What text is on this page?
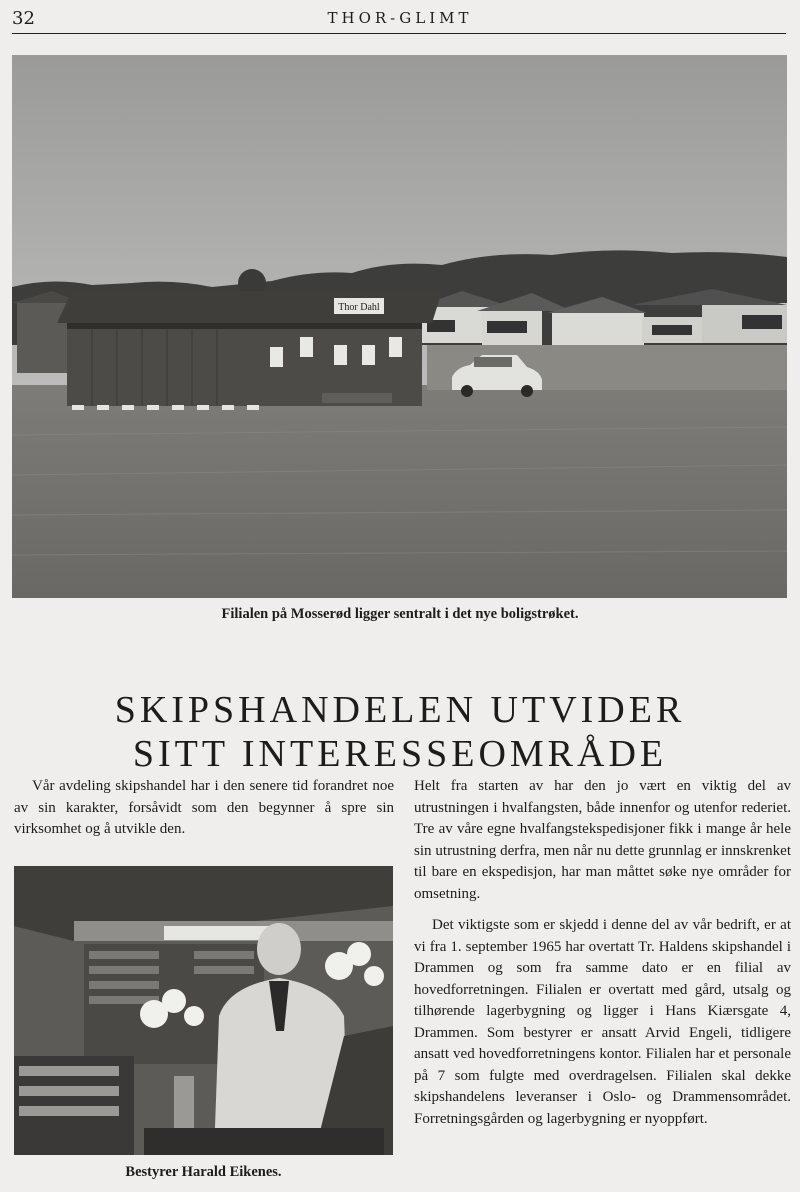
32	THOR-GLIMT
Thor Dahl
Filialen på Mosserød ligger sentralt i det nye boligstrøket.
SKIPSHANDELEN UTVIDER
SITT INTERESSEOMRÅDE

Vår avdeling skipshandel har i den senere tid forandret noe av sin karakter, forsåvidt som den begynner å spre sin virksomhet og å utvikle den.

Bestyrer Harald Eikenes.

Helt fra starten av har den jo vært en viktig del av utrustningen i hvalfangsten, både innenfor og utenfor rederiet. Tre av våre egne hvalfangstekspedisjoner fikk i mange år hele sin utrustning derfra, men når nu dette grunnlag er innskrenket til bare en ekspedisjon, har man måttet søke nye områder for omsetning.

Det viktigste som er skjedd i denne del av vår bedrift, er at vi fra 1. september 1965 har overtatt Tr. Haldens skipshandel i Drammen og som fra samme dato er en filial av hovedforretningen. Filialen er overtatt med gård, utsalg og tilhørende lagerbygning og ligger i Hans Kiærsgate 4, Drammen. Som bestyrer er ansatt Arvid Engeli, tidligere ansatt ved hovedforretningens kontor. Filialen har et personale på 7 som fulgte med overdragelsen. Filialen skal dekke skipshandelens leveranser i Oslo- og Drammensområdet. Forretningsgården og lagerbygning er nyoppført.
